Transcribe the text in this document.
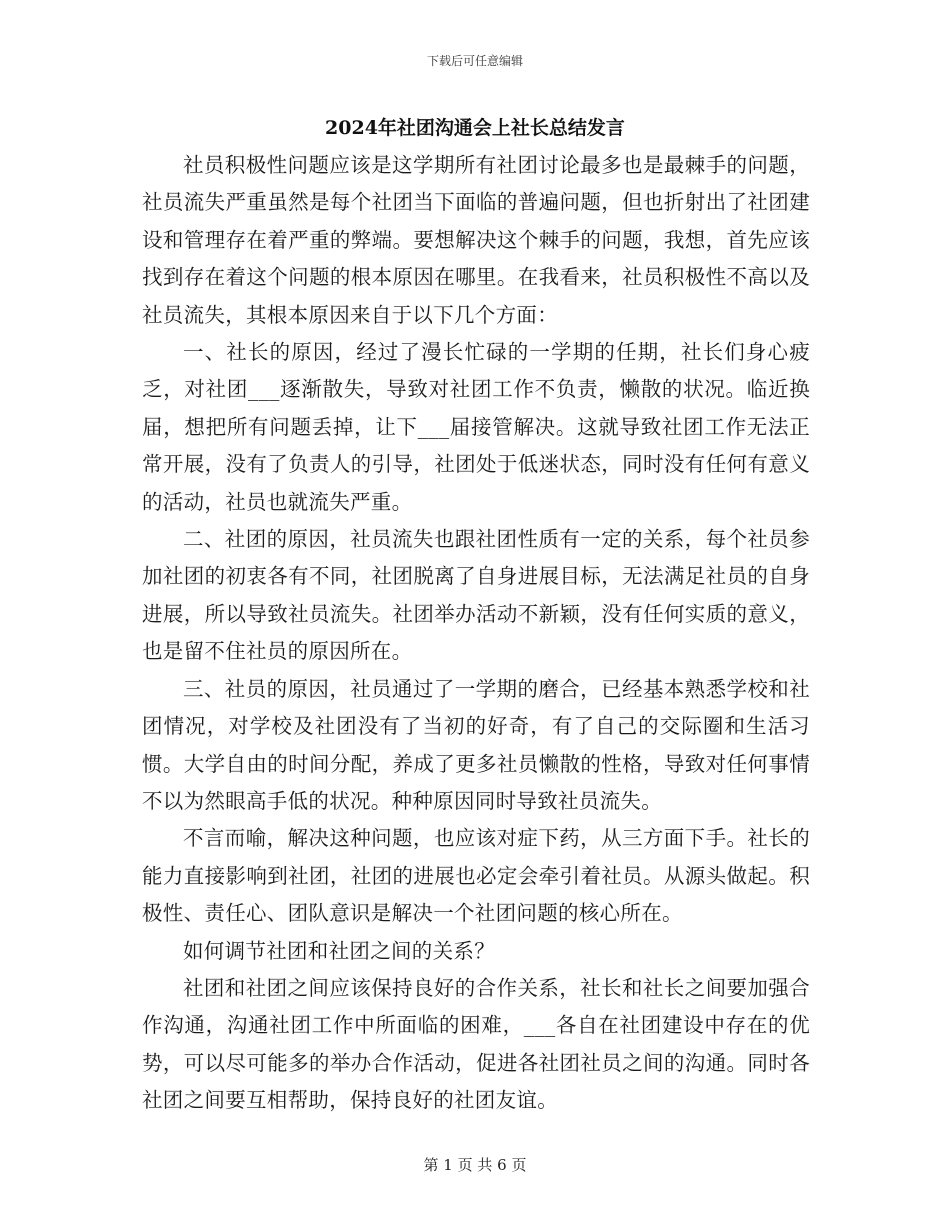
下载后可任意编辑
2024年社团沟通会上社长总结发言

社员积极性问题应该是这学期所有社团讨论最多也是最棘手的问题，社员流失严重虽然是每个社团当下面临的普遍问题，但也折射出了社团建设和管理存在着严重的弊端。要想解决这个棘手的问题，我想，首先应该找到存在着这个问题的根本原因在哪里。在我看来，社员积极性不高以及社员流失，其根本原因来自于以下几个方面：

一、社长的原因，经过了漫长忙碌的一学期的任期，社长们身心疲乏，对社团___逐渐散失，导致对社团工作不负责，懒散的状况。临近换届，想把所有问题丢掉，让下___届接管解决。这就导致社团工作无法正常开展，没有了负责人的引导，社团处于低迷状态，同时没有任何有意义的活动，社员也就流失严重。

二、社团的原因，社员流失也跟社团性质有一定的关系，每个社员参加社团的初衷各有不同，社团脱离了自身进展目标，无法满足社员的自身进展，所以导致社员流失。社团举办活动不新颖，没有任何实质的意义，也是留不住社员的原因所在。

三、社员的原因，社员通过了一学期的磨合，已经基本熟悉学校和社团情况，对学校及社团没有了当初的好奇，有了自己的交际圈和生活习惯。大学自由的时间分配，养成了更多社员懒散的性格，导致对任何事情不以为然眼高手低的状况。种种原因同时导致社员流失。

不言而喻，解决这种问题，也应该对症下药，从三方面下手。社长的能力直接影响到社团，社团的进展也必定会牵引着社员。从源头做起。积极性、责任心、团队意识是解决一个社团问题的核心所在。

如何调节社团和社团之间的关系？

社团和社团之间应该保持良好的合作关系，社长和社长之间要加强合作沟通，沟通社团工作中所面临的困难，___各自在社团建设中存在的优势，可以尽可能多的举办合作活动，促进各社团社员之间的沟通。同时各社团之间要互相帮助，保持良好的社团友谊。

第 1 页 共 6 页
